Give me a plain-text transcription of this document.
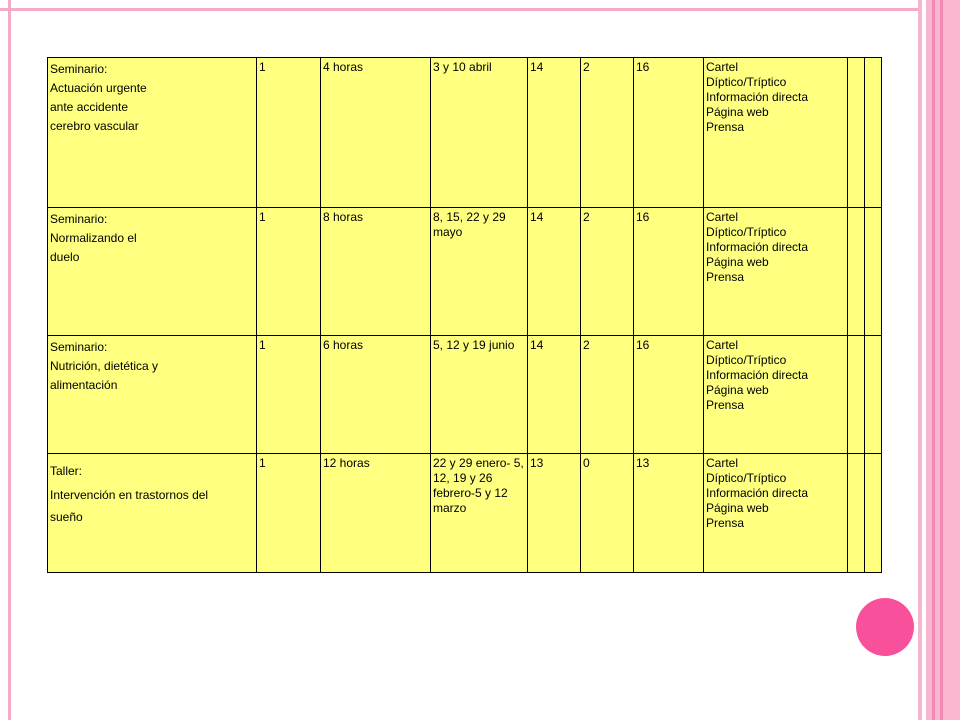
Seminario:
Actuación urgente
ante accidente
cerebro vascular	1	4 horas	3 y 10 abril	14	2	16	Cartel
Díptico/Tríptico
Información directa
Página web
Prensa		

Seminario:
Normalizando el
duelo	1	8 horas	8, 15, 22 y 29 mayo	14	2	16	Cartel
Díptico/Tríptico
Información directa
Página web
Prensa		

Seminario:
Nutrición, dietética y
alimentación	1	6 horas	5, 12 y 19 junio	14	2	16	Cartel
Díptico/Tríptico
Información directa
Página web
Prensa		

Taller:
Intervención en trastornos del
sueño	1	12 horas	22 y 29 enero- 5, 12, 19 y 26 febrero-5 y 12 marzo	13	0	13	Cartel
Díptico/Tríptico
Información directa
Página web
Prensa		
